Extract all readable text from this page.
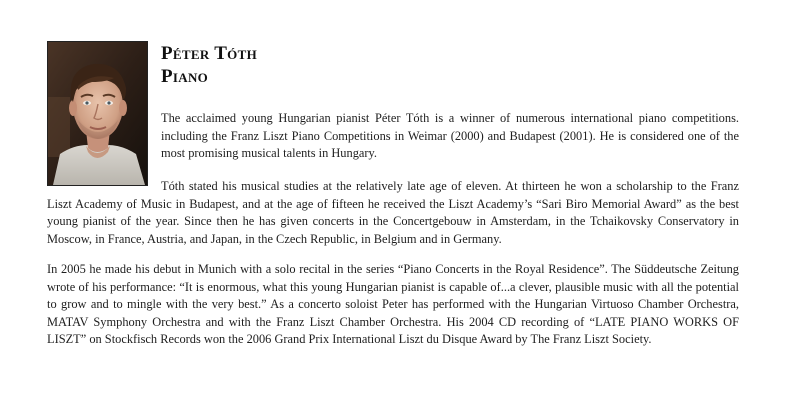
Péter Tóth
Piano

The acclaimed young Hungarian pianist Péter Tóth is a winner of numerous international piano competitions. including the Franz Liszt Piano Competitions in Weimar (2000) and Budapest (2001). He is considered one of the most promising musical talents in Hungary.

Tóth stated his musical studies at the relatively late age of eleven. At thirteen he won a scholarship to the Franz Liszt Academy of Music in Budapest, and at the age of fifteen he received the Liszt Academy’s “Sari Biro Memorial Award” as the best young pianist of the year. Since then he has given concerts in the Concertgebouw in Amsterdam, in the Tchaikovsky Conservatory in Moscow, in France, Austria, and Japan, in the Czech Republic, in Belgium and in Germany.

In 2005 he made his debut in Munich with a solo recital in the series “Piano Concerts in the Royal Residence”. The Süddeutsche Zeitung wrote of his performance: “It is enormous, what this young Hungarian pianist is capable of...a clever, plausible music with all the potential to grow and to mingle with the very best.” As a concerto soloist Peter has performed with the Hungarian Virtuoso Chamber Orchestra, MATAV Symphony Orchestra and with the Franz Liszt Chamber Orchestra. His 2004 CD recording of “LATE PIANO WORKS OF LISZT” on Stockfisch Records won the 2006 Grand Prix International Liszt du Disque Award by The Franz Liszt Society.
